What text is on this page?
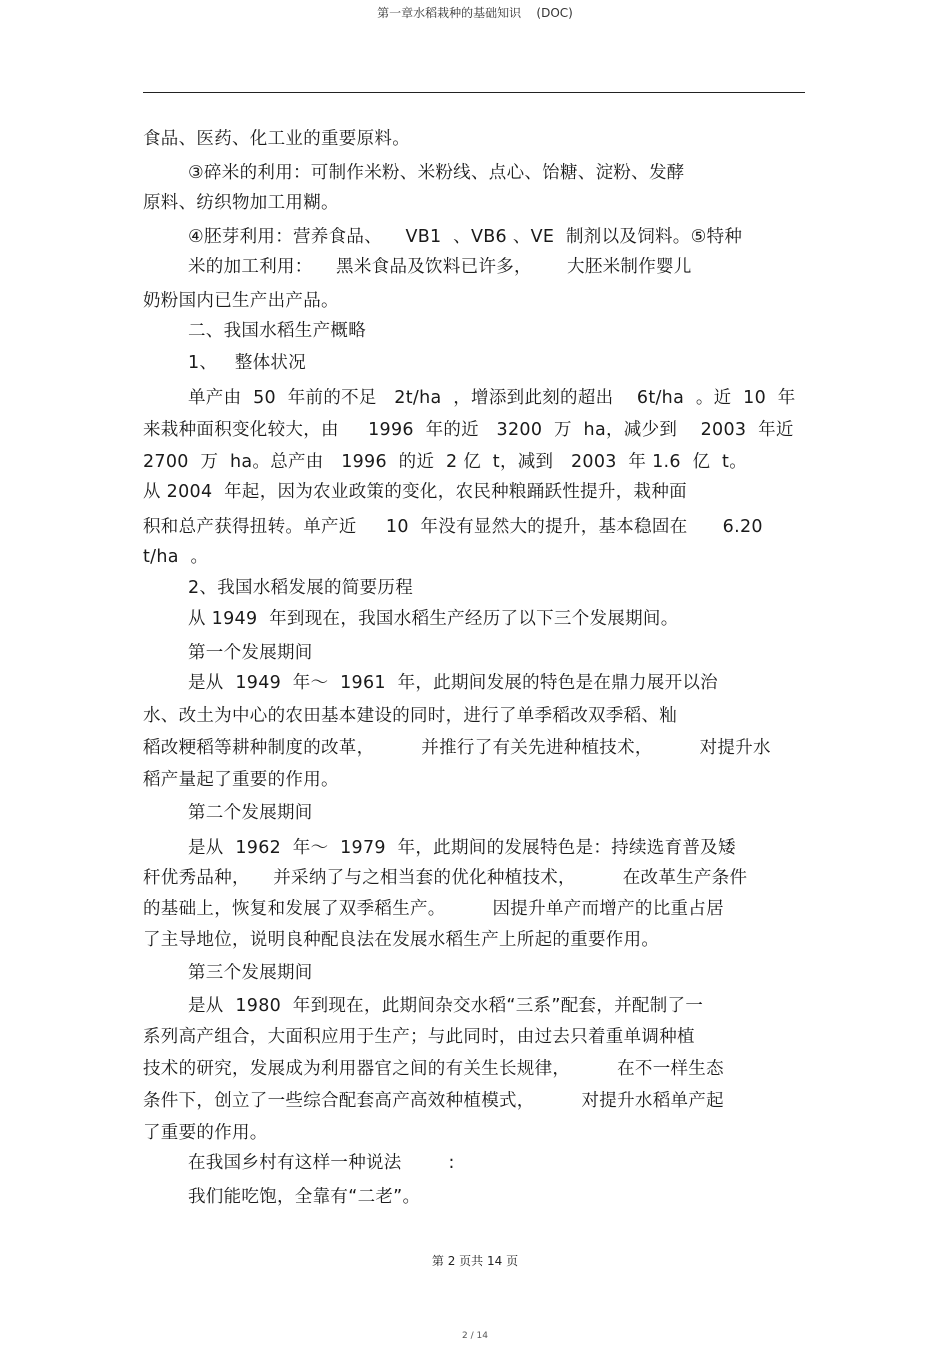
第一章水稻栽种的基础知识    (DOC)
食品、医药、化工业的重要原料。
③碎米的利用：可制作米粉、米粉线、点心、饴糖、淀粉、发酵
原料、纺织物加工用糊。
④胚芽利用：营养食品、    VB1  、VB6 、VE  制剂以及饲料。⑤特种
米的加工利用：    黑米食品及饮料已许多，      大胚米制作婴儿
奶粉国内已生产出产品。
二、我国水稻生产概略
1、   整体状况
单产由  50  年前的不足   2t/ha  ，增添到此刻的超出    6t/ha  。近  10  年
来栽种面积变化较大，由     1996  年的近   3200  万  ha，减少到    2003  年近
2700  万  ha。总产由   1996  的近  2 亿  t，减到   2003  年 1.6  亿  t。
从 2004  年起，因为农业政策的变化，农民种粮踊跃性提升，栽种面
积和总产获得扭转。单产近     10  年没有显然大的提升，基本稳固在      6.20
t/ha  。
2、我国水稻发展的简要历程
从 1949  年到现在，我国水稻生产经历了以下三个发展期间。
第一个发展期间
是从  1949  年～  1961  年，此期间发展的特色是在鼎力展开以治
水、改土为中心的农田基本建设的同时，进行了单季稻改双季稻、籼
稻改粳稻等耕种制度的改革，        并推行了有关先进种植技术，        对提升水
稻产量起了重要的作用。
第二个发展期间
是从  1962  年～  1979  年，此期间的发展特色是：持续选育普及矮
秆优秀品种，    并采纳了与之相当套的优化种植技术，        在改革生产条件
的基础上，恢复和发展了双季稻生产。        因提升单产而增产的比重占居
了主导地位，说明良种配良法在发展水稻生产上所起的重要作用。
第三个发展期间
是从  1980  年到现在，此期间杂交水稻“三系”配套，并配制了一
系列高产组合，大面积应用于生产；与此同时，由过去只着重单调种植
技术的研究，发展成为利用器官之间的有关生长规律，        在不一样生态
条件下，创立了一些综合配套高产高效种植模式，        对提升水稻单产起
了重要的作用。
在我国乡村有这样一种说法        :
我们能吃饱，全靠有“二老”。
第 2 页共 14 页
2 / 14
